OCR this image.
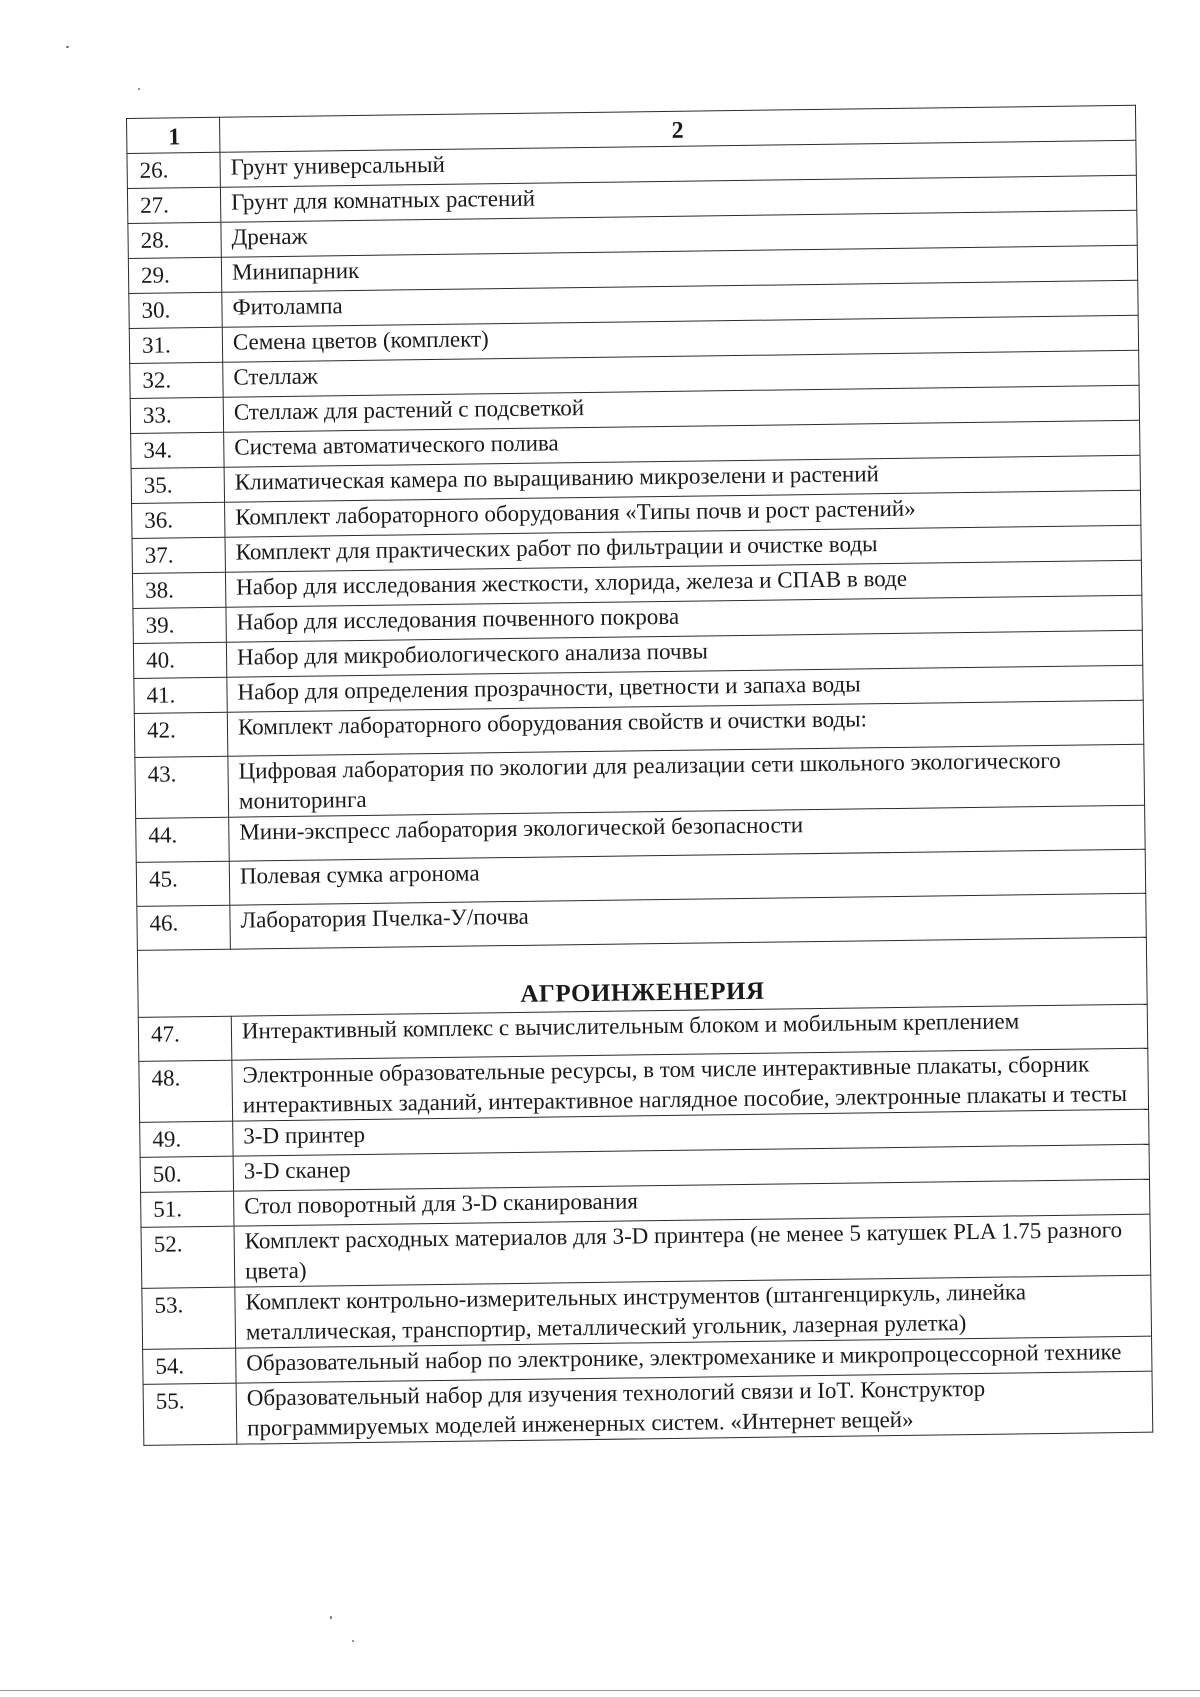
1	2
26.	Грунт универсальный
27.	Грунт для комнатных растений
28.	Дренаж
29.	Минипарник
30.	Фитолампа
31.	Семена цветов (комплект)
32.	Стеллаж
33.	Стеллаж для растений с подсветкой
34.	Система автоматического полива
35.	Климатическая камера по выращиванию микрозелени и растений
36.	Комплект лабораторного оборудования «Типы почв и рост растений»
37.	Комплект для практических работ по фильтрации и очистке воды
38.	Набор для исследования жесткости, хлорида, железа и СПАВ в воде
39.	Набор для исследования почвенного покрова
40.	Набор для микробиологического анализа почвы
41.	Набор для определения прозрачности, цветности и запаха воды
42.	Комплект лабораторного оборудования свойств и очистки воды:
43.	Цифровая лаборатория по экологии для реализации сети школьного экологического мониторинга
44.	Мини-экспресс лаборатория экологической безопасности
45.	Полевая сумка агронома
46.	Лаборатория Пчелка-У/почва
АГРОИНЖЕНЕРИЯ	
47.	Интерактивный комплекс с вычислительным блоком и мобильным креплением
48.	Электронные образовательные ресурсы, в том числе интерактивные плакаты, сборник интерактивных заданий, интерактивное наглядное пособие, электронные плакаты и тесты
49.	3-D принтер
50.	3-D сканер
51.	Стол поворотный для 3-D сканирования
52.	Комплект расходных материалов для 3-D принтера (не менее 5 катушек PLA 1.75 разного цвета)
53.	Комплект контрольно-измерительных инструментов (штангенциркуль, линейка металлическая, транспортир, металлический угольник, лазерная рулетка)
54.	Образовательный набор по электронике, электромеханике и микропроцессорной технике
55.	Образовательный набор для изучения технологий связи и IoT. Конструктор программируемых моделей инженерных систем. «Интернет вещей»
